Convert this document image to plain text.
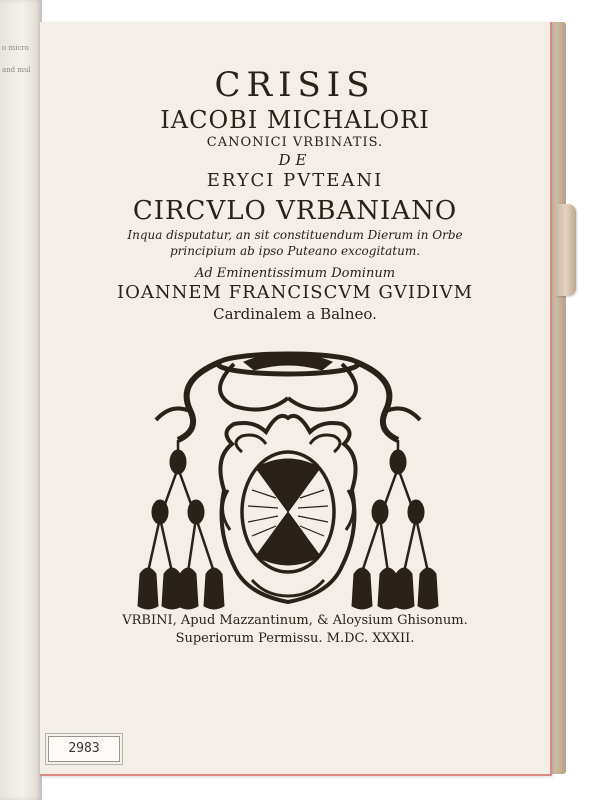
o micro
and mul	CRISIS
IACOBI MICHALORI
CANONICI VRBINATIS.
DE
ERYCI PVTEANI
CIRCVLO VRBANIANO
Inqua disputatur, an sit constituendum Dierum in Orbe
principium ab ipso Puteano excogitatum.
Ad Eminentissimum Dominum
IOANNEM FRANCISCVM GVIDIVM
Cardinalem a Balneo.
VRBINI, Apud Mazzantinum, & Aloysium Ghisonum.
Superiorum Permissu. M.DC. XXXII.
2983
